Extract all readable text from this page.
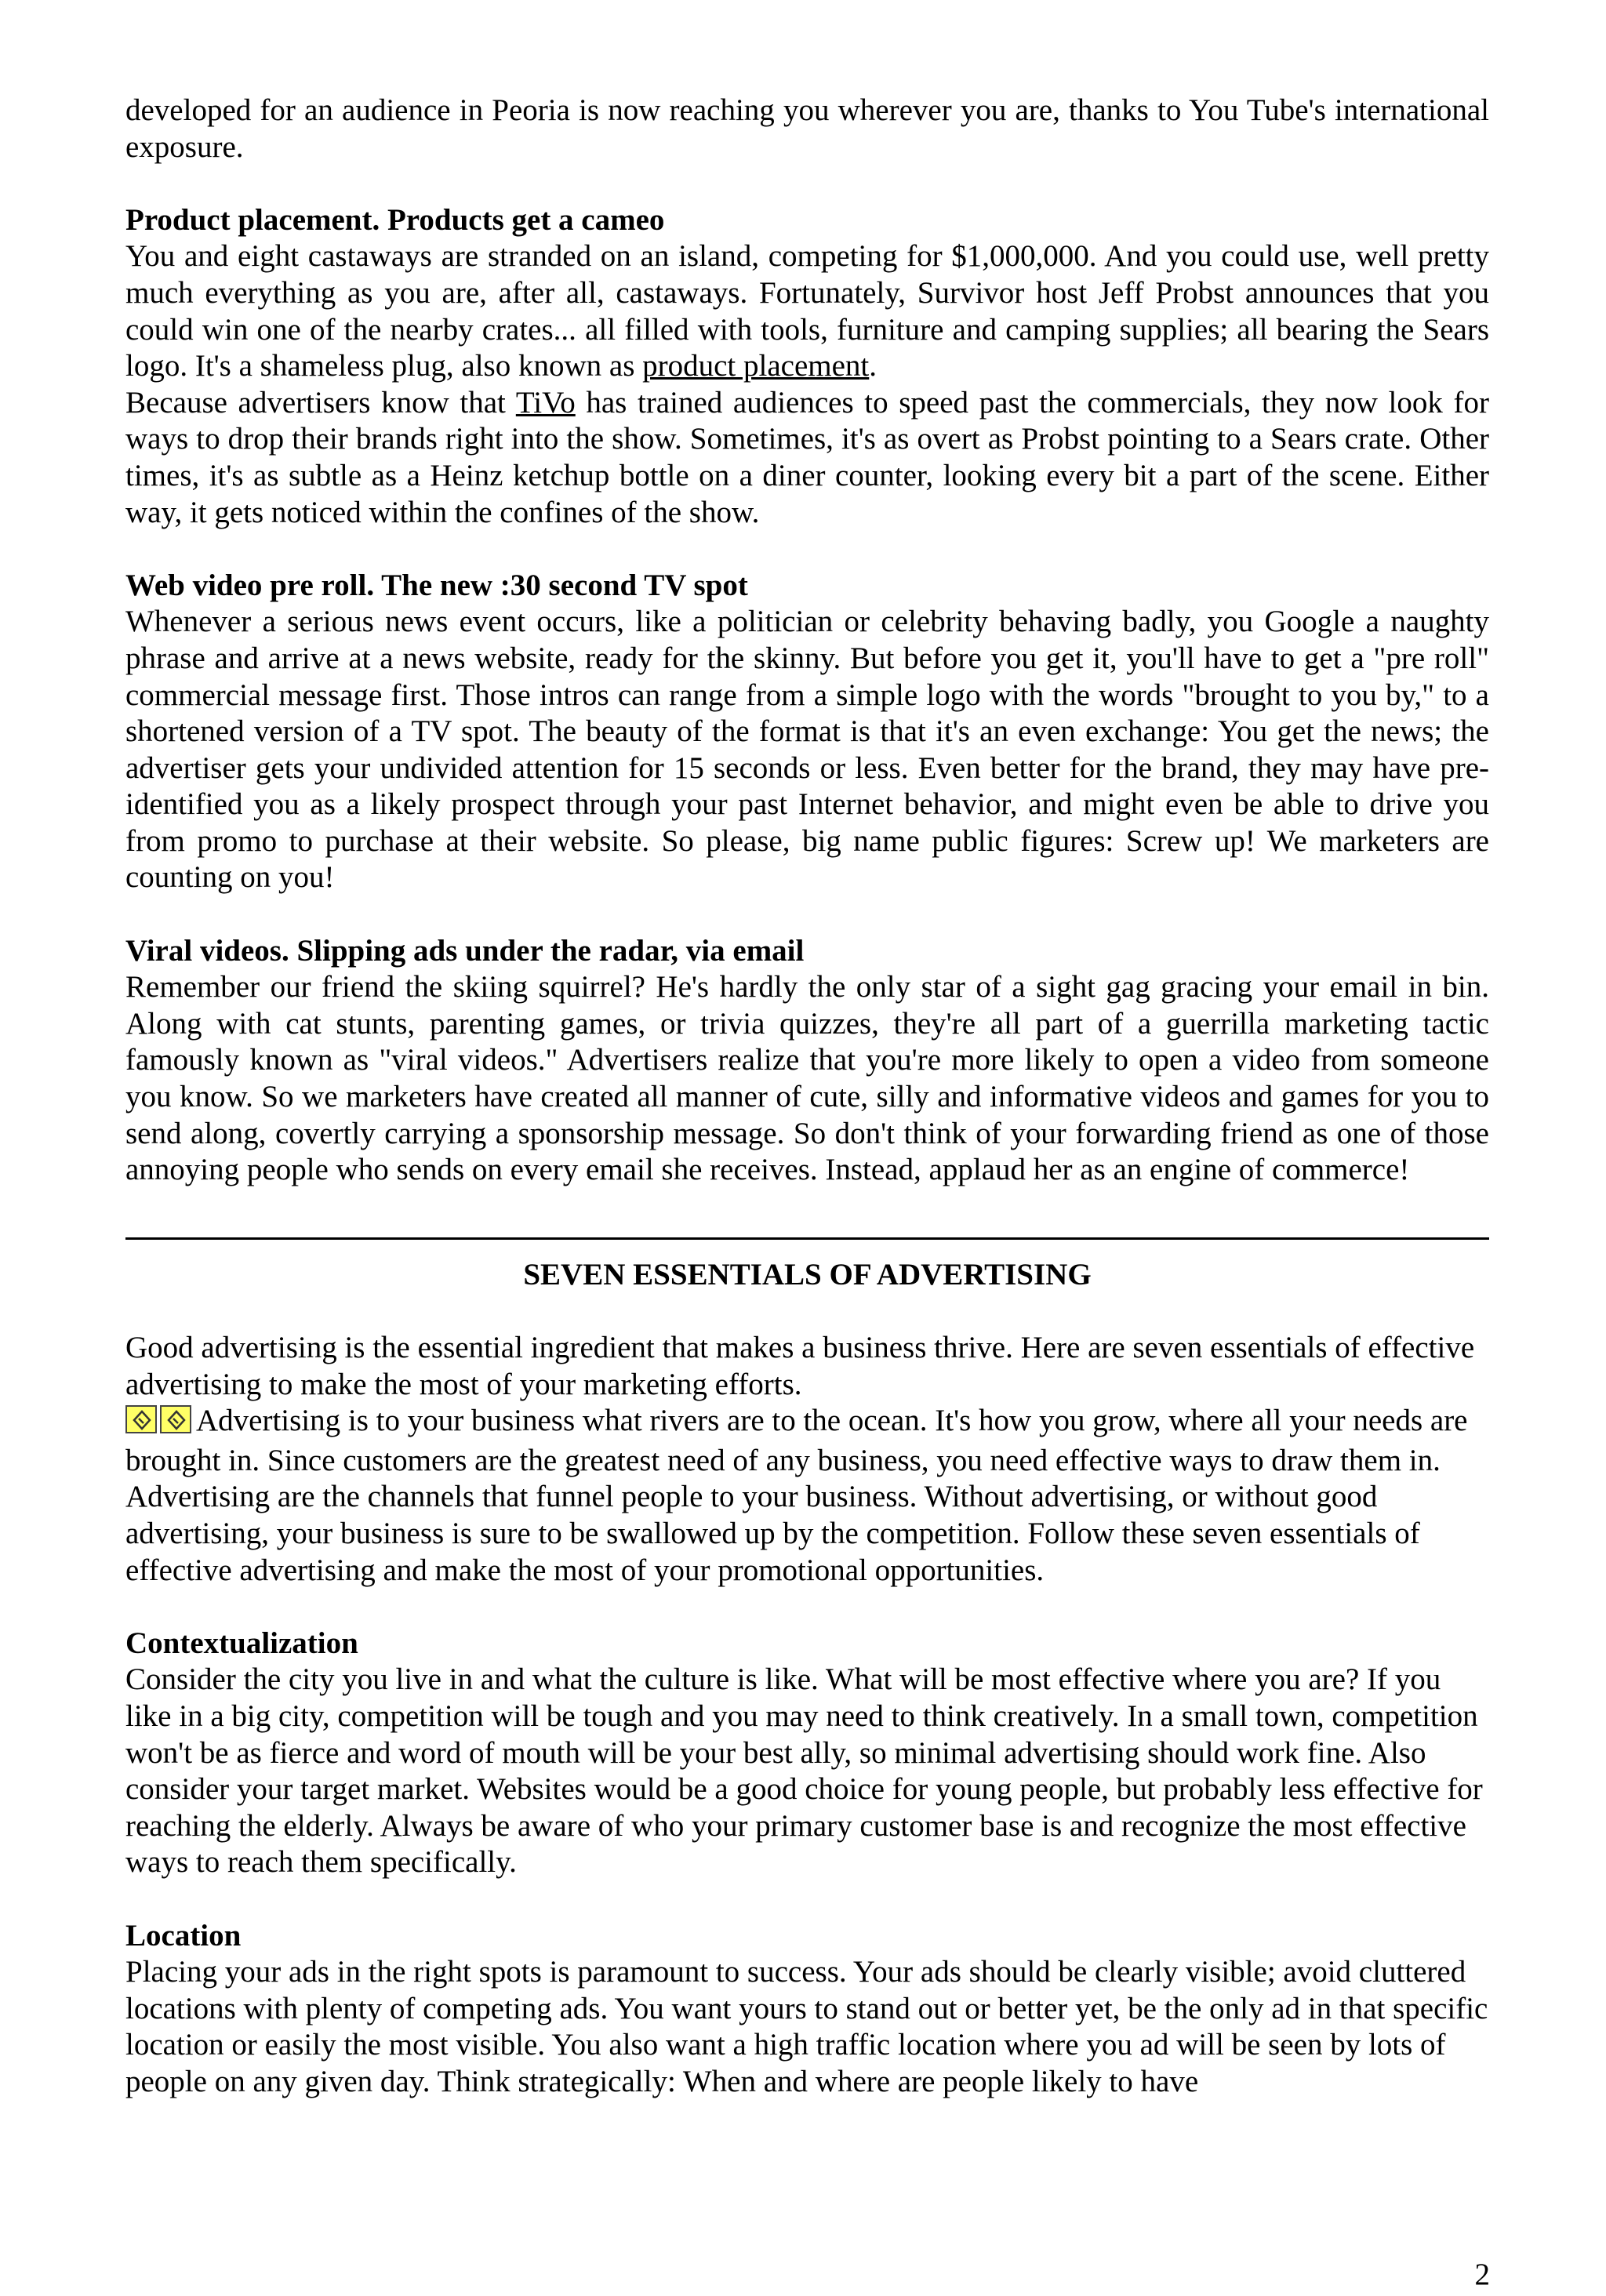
developed for an audience in Peoria is now reaching you wherever you are, thanks to You Tube's international exposure.

Product placement. Products get a cameo

You and eight castaways are stranded on an island, competing for $1,000,000. And you could use, well pretty much everything as you are, after all, castaways. Fortunately, Survivor host Jeff Probst announces that you could win one of the nearby crates... all filled with tools, furniture and camping supplies; all bearing the Sears logo. It's a shameless plug, also known as product placement.

Because advertisers know that TiVo has trained audiences to speed past the commercials, they now look for ways to drop their brands right into the show. Sometimes, it's as overt as Probst pointing to a Sears crate. Other times, it's as subtle as a Heinz ketchup bottle on a diner counter, looking every bit a part of the scene. Either way, it gets noticed within the confines of the show.

Web video pre roll. The new :30 second TV spot

Whenever a serious news event occurs, like a politician or celebrity behaving badly, you Google a naughty phrase and arrive at a news website, ready for the skinny. But before you get it, you'll have to get a "pre roll" commercial message first. Those intros can range from a simple logo with the words "brought to you by," to a shortened version of a TV spot. The beauty of the format is that it's an even exchange: You get the news; the advertiser gets your undivided attention for 15 seconds or less. Even better for the brand, they may have pre-identified you as a likely prospect through your past Internet behavior, and might even be able to drive you from promo to purchase at their website. So please, big name public figures: Screw up! We marketers are counting on you!

Viral videos. Slipping ads under the radar, via email

Remember our friend the skiing squirrel? He's hardly the only star of a sight gag gracing your email in bin. Along with cat stunts, parenting games, or trivia quizzes, they're all part of a guerrilla marketing tactic famously known as "viral videos." Advertisers realize that you're more likely to open a video from someone you know. So we marketers have created all manner of cute, silly and informative videos and games for you to send along, covertly carrying a sponsorship message. So don't think of your forwarding friend as one of those annoying people who sends on every email she receives. Instead, applaud her as an engine of commerce!

SEVEN ESSENTIALS OF ADVERTISING

Good advertising is the essential ingredient that makes a business thrive. Here are seven essentials of effective advertising to make the most of your marketing efforts.

Advertising is to your business what rivers are to the ocean. It's how you grow, where all your needs are brought in. Since customers are the greatest need of any business, you need effective ways to draw them in. Advertising are the channels that funnel people to your business. Without advertising, or without good advertising, your business is sure to be swallowed up by the competition. Follow these seven essentials of effective advertising and make the most of your promotional opportunities.

Contextualization

Consider the city you live in and what the culture is like. What will be most effective where you are? If you like in a big city, competition will be tough and you may need to think creatively. In a small town, competition won't be as fierce and word of mouth will be your best ally, so minimal advertising should work fine. Also consider your target market. Websites would be a good choice for young people, but probably less effective for reaching the elderly. Always be aware of who your primary customer base is and recognize the most effective ways to reach them specifically.

Location

Placing your ads in the right spots is paramount to success. Your ads should be clearly visible; avoid cluttered locations with plenty of competing ads. You want yours to stand out or better yet, be the only ad in that specific location or easily the most visible. You also want a high traffic location where you ad will be seen by lots of people on any given day. Think strategically: When and where are people likely to have

2
